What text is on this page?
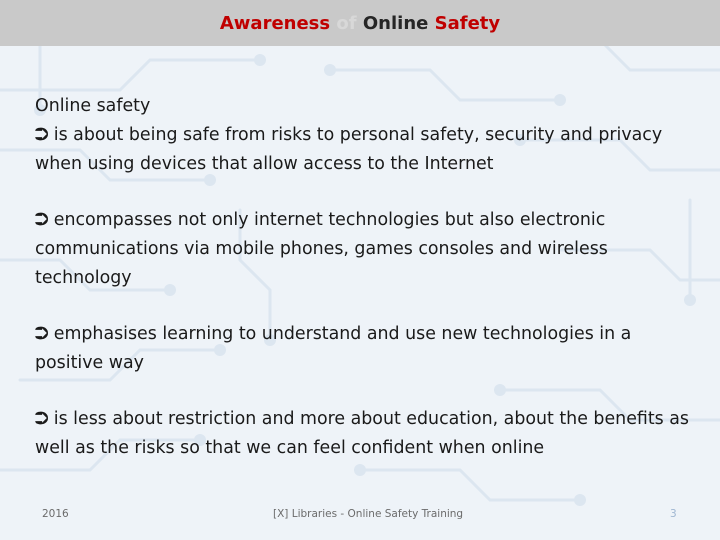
Awareness of Online Safety
Online safety

⮊ is about being safe from risks to personal safety, security and privacy when using devices that allow access to the Internet

⮊ encompasses not only internet technologies but also electronic communications via mobile phones, games consoles and wireless technology

⮊ emphasises learning to understand and use new technologies in a positive way

⮊ is less about restriction and more about education, about the benefits as well as the risks so that we can feel confident when online

2016	[X] Libraries - Online Safety Training	3
